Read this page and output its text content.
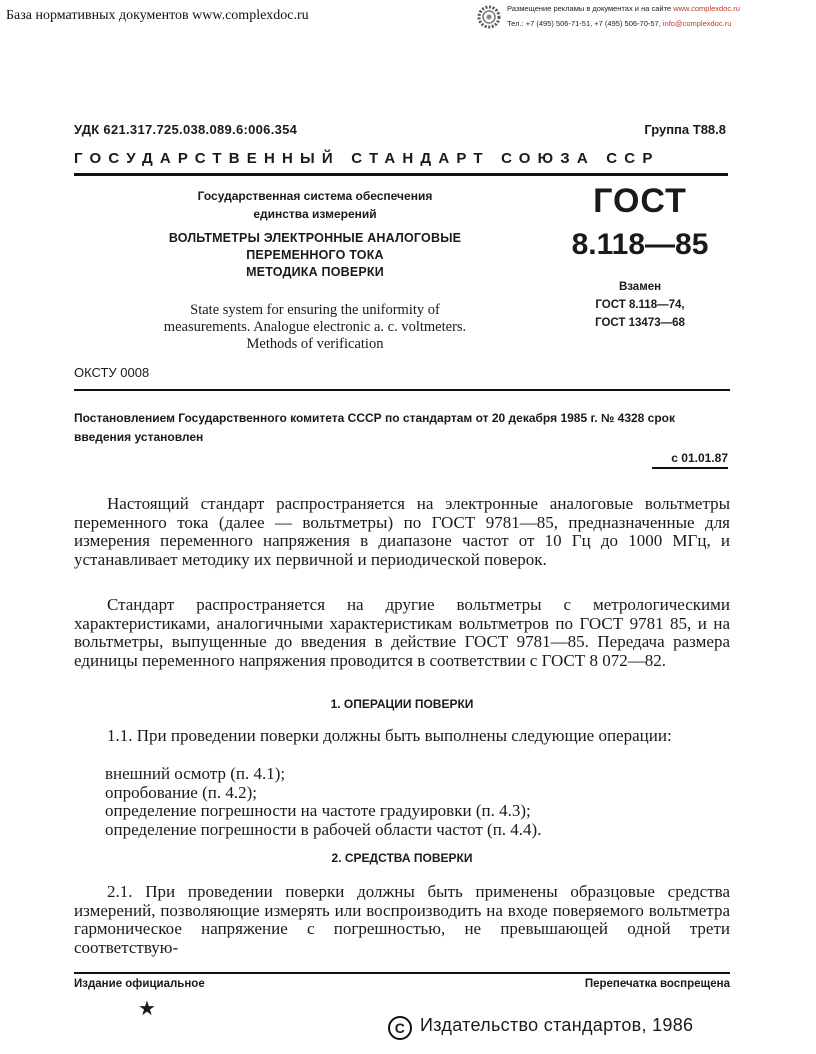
База нормативных документов www.complexdoc.ru	Размещение рекламы в документах и на сайте www.complexdoc.ru
Тел.: +7 (495) 506-71-51, +7 (495) 506-70-57, info@complexdoc.ru
УДК 621.317.725.038.089.6:006.354	Группа Т88.8
ГОСУДАРСТВЕННЫЙ СТАНДАРТ СОЮЗА ССР
Государственная система обеспечения
единства измерений
ВОЛЬТМЕТРЫ ЭЛЕКТРОННЫЕ АНАЛОГОВЫЕ
ПЕРЕМЕННОГО ТОКА
МЕТОДИКА ПОВЕРКИ
State system for ensuring the uniformity of
measurements. Analogue electronic a. c. voltmeters.
Methods of verification
ГОСТ
8.118—85
Взамен
ГОСТ 8.118—74,
ГОСТ 13473—68
ОКСТУ 0008
Постановлением Государственного комитета СССР по стандартам от 20 декабря 1985 г. № 4328 срок введения установлен
с 01.01.87

Настоящий стандарт распространяется на электронные аналоговые вольтметры переменного тока (далее — вольтметры) по ГОСТ 9781—85, предназначенные для измерения переменного напряжения в диапазоне частот от 10 Гц до 1000 МГц, и устанавливает методику их первичной и периодической поверок.

Стандарт распространяется на другие вольтметры с метрологическими характеристиками, аналогичными характеристикам вольтметров по ГОСТ 9781 85, и на вольтметры, выпущенные до введения в действие ГОСТ 9781—85. Передача размера единицы переменного напряжения проводится в соответствии с ГОСТ 8 072—82.

1. ОПЕРАЦИИ ПОВЕРКИ

1.1. При проведении поверки должны быть выполнены следующие операции:

внешний осмотр (п. 4.1);
опробование (п. 4.2);
определение погрешности на частоте градуировки (п. 4.3);
определение погрешности в рабочей области частот (п. 4.4).
2. СРЕДСТВА ПОВЕРКИ

2.1. При проведении поверки должны быть применены образцовые средства измерений, позволяющие измерять или воспроизводить на входе поверяемого вольтметра гармоническое напряжение с погрешностью, не превышающей одной трети соответствую-

Издание официальное	Перепечатка воспрещена
★
С Издательство стандартов, 1986
